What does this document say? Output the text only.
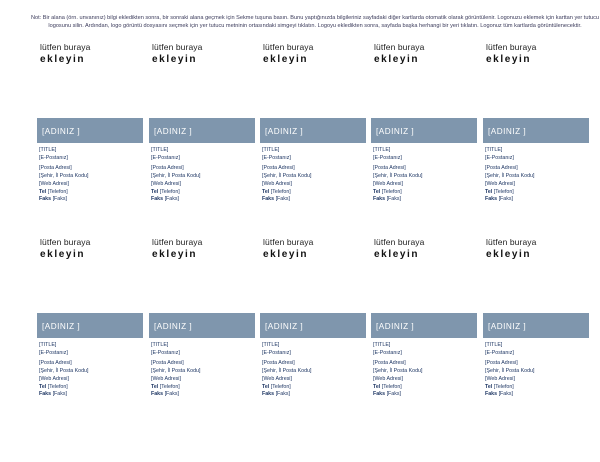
Not: Bir alana (örn. unvanınız) bilgi ekledikten sonra, bir sonraki alana geçmek için Sekme tuşuna basın. Bunu yaptığınızda bilgileriniz sayfadaki diğer kartlarda otomatik olarak görüntülenir. Logonuzu eklemek için karttan yer tutucu logosunu silin. Ardından, logo görüntü dosyasını seçmek için yer tutucu metninin ortasındaki simgeyi tıklatın. Logoyu ekledikten sonra, sayfada başka herhangi bir yeri tıklatın. Logonuz tüm kartlarda görüntülenecektir.
lütfen buraya
ekleyin
[ADINIZ ]
[TITLE]
[E-Postanız]
[Posta Adresi]
[Şehir, İl Posta Kodu]
[Web Adresi]
Tel [Telefon]
Faks [Faks]
lütfen buraya
ekleyin
[ADINIZ ]
[TITLE]
[E-Postanız]
[Posta Adresi]
[Şehir, İl Posta Kodu]
[Web Adresi]
Tel [Telefon]
Faks [Faks]
lütfen buraya
ekleyin
[ADINIZ ]
[TITLE]
[E-Postanız]
[Posta Adresi]
[Şehir, İl Posta Kodu]
[Web Adresi]
Tel [Telefon]
Faks [Faks]
lütfen buraya
ekleyin
[ADINIZ ]
[TITLE]
[E-Postanız]
[Posta Adresi]
[Şehir, İl Posta Kodu]
[Web Adresi]
Tel [Telefon]
Faks [Faks]
lütfen buraya
ekleyin
[ADINIZ ]
[TITLE]
[E-Postanız]
[Posta Adresi]
[Şehir, İl Posta Kodu]
[Web Adresi]
Tel [Telefon]
Faks [Faks]
lütfen buraya
ekleyin
[ADINIZ ]
[TITLE]
[E-Postanız]
[Posta Adresi]
[Şehir, İl Posta Kodu]
[Web Adresi]
Tel [Telefon]
Faks [Faks]
lütfen buraya
ekleyin
[ADINIZ ]
[TITLE]
[E-Postanız]
[Posta Adresi]
[Şehir, İl Posta Kodu]
[Web Adresi]
Tel [Telefon]
Faks [Faks]
lütfen buraya
ekleyin
[ADINIZ ]
[TITLE]
[E-Postanız]
[Posta Adresi]
[Şehir, İl Posta Kodu]
[Web Adresi]
Tel [Telefon]
Faks [Faks]
lütfen buraya
ekleyin
[ADINIZ ]
[TITLE]
[E-Postanız]
[Posta Adresi]
[Şehir, İl Posta Kodu]
[Web Adresi]
Tel [Telefon]
Faks [Faks]
lütfen buraya
ekleyin
[ADINIZ ]
[TITLE]
[E-Postanız]
[Posta Adresi]
[Şehir, İl Posta Kodu]
[Web Adresi]
Tel [Telefon]
Faks [Faks]
